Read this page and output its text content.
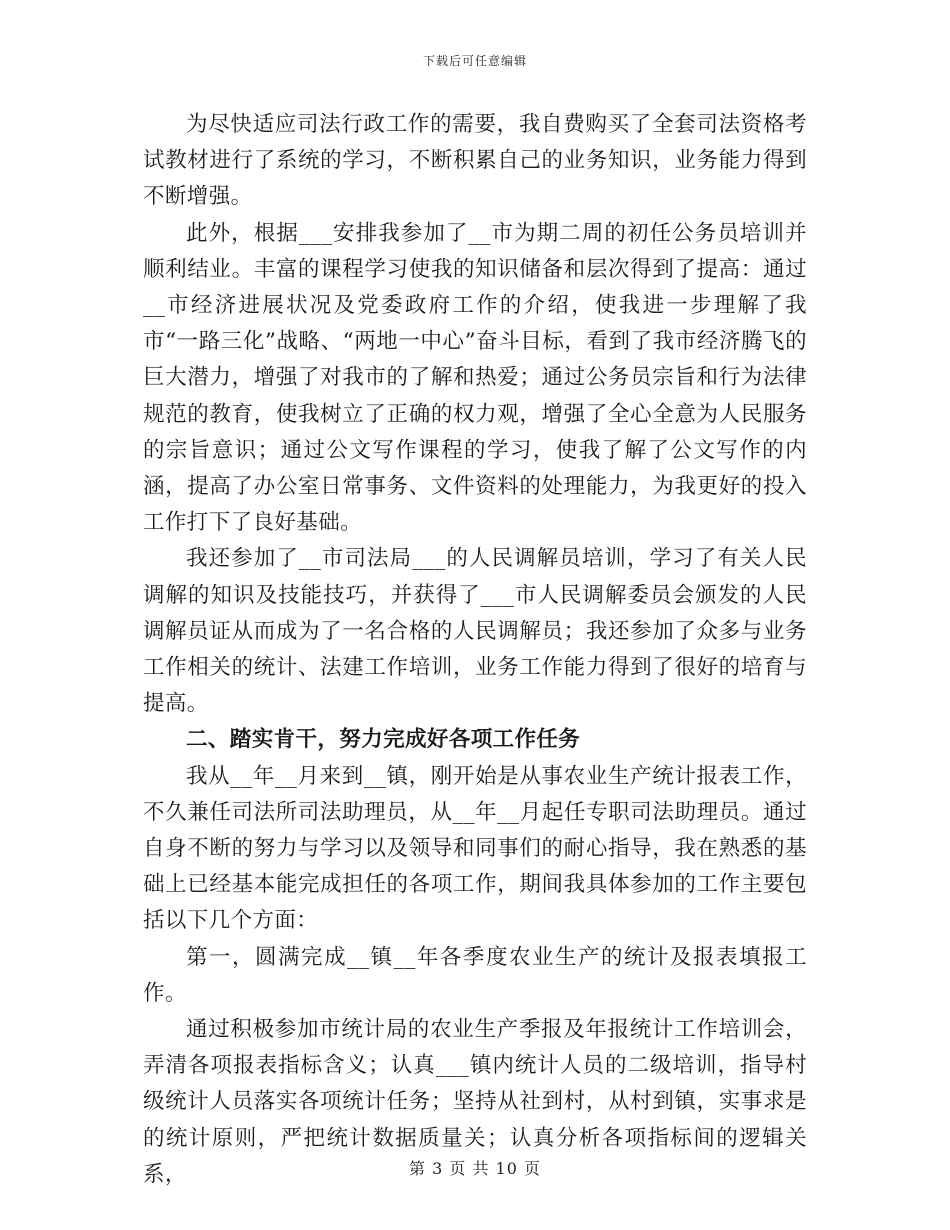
下载后可任意编辑

为尽快适应司法行政工作的需要，我自费购买了全套司法资格考试教材进行了系统的学习，不断积累自己的业务知识，业务能力得到不断增强。

此外，根据___安排我参加了__市为期二周的初任公务员培训并顺利结业。丰富的课程学习使我的知识储备和层次得到了提高：通过__市经济进展状况及党委政府工作的介绍，使我进一步理解了我市“一路三化”战略、“两地一中心”奋斗目标，看到了我市经济腾飞的巨大潜力，增强了对我市的了解和热爱；通过公务员宗旨和行为法律规范的教育，使我树立了正确的权力观，增强了全心全意为人民服务的宗旨意识；通过公文写作课程的学习，使我了解了公文写作的内涵，提高了办公室日常事务、文件资料的处理能力，为我更好的投入工作打下了良好基础。

我还参加了__市司法局___的人民调解员培训，学习了有关人民调解的知识及技能技巧，并获得了___市人民调解委员会颁发的人民调解员证从而成为了一名合格的人民调解员；我还参加了众多与业务工作相关的统计、法建工作培训，业务工作能力得到了很好的培育与提高。

二、踏实肯干，努力完成好各项工作任务

我从__年__月来到__镇，刚开始是从事农业生产统计报表工作，不久兼任司法所司法助理员，从__年__月起任专职司法助理员。通过自身不断的努力与学习以及领导和同事们的耐心指导，我在熟悉的基础上已经基本能完成担任的各项工作，期间我具体参加的工作主要包括以下几个方面：

第一，圆满完成__镇__年各季度农业生产的统计及报表填报工作。

通过积极参加市统计局的农业生产季报及年报统计工作培训会，弄清各项报表指标含义；认真___镇内统计人员的二级培训，指导村级统计人员落实各项统计任务；坚持从社到村，从村到镇，实事求是的统计原则，严把统计数据质量关；认真分析各项指标间的逻辑关系，	第 3 页 共 10 页
